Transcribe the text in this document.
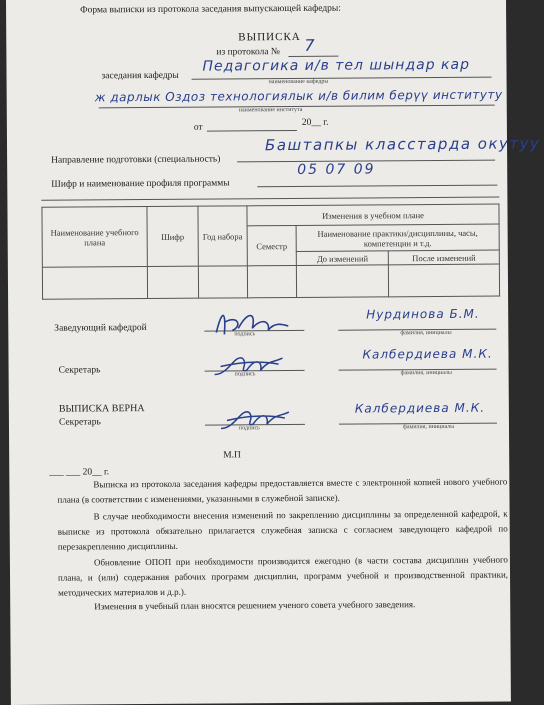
Форма выписки из протокола заседания выпускающей кафедры:
ВЫПИСКА
из протокола № 7
заседания кафедры
Педагогика и/в тел шындар кар
наименование кафедры
ж дарлык Оздоз технологиялык и/в билим берүү институту
наименование института
от	20__ г.
Направление подготовки (специальность)
Баштапкы класстарда окутуу
Шифр и наименование профиля программы
05 07 09
Наименование учебного плана	Шифр	Год набора	Изменения в учебном плане		
			Семестр	Наименование практики/дисциплины, часы, компетенции и т.д.	
				До изменений	После изменений

Заведующий кафедрой
подпись
Нурдинова Б.М.
фамилия, инициалы
Секретарь	подпись
Калбердиева М.К.
фамилия, инициалы
ВЫПИСКА ВЕРНА
Секретарь
подпись
Калбердиева М.К.
фамилия, инициалы
М.П
___ ___ 20__ г.
Выписка из протокола заседания кафедры предоставляется вместе с электронной копией нового учебного плана (в соответствии с изменениями, указанными в служебной записке).
В случае необходимости внесения изменений по закреплению дисциплины за определенной кафедрой, к выписке из протокола обязательно прилагается служебная записка с согласием заведующего кафедрой по перезакреплению дисциплины.
Обновление ОПОП при необходимости производится ежегодно (в части состава дисциплин учебного плана, и (или) содержания рабочих программ дисциплин, программ учебной и производственной практики, методических материалов и д.р.).
Изменения в учебный план вносятся решением ученого совета учебного заведения.
